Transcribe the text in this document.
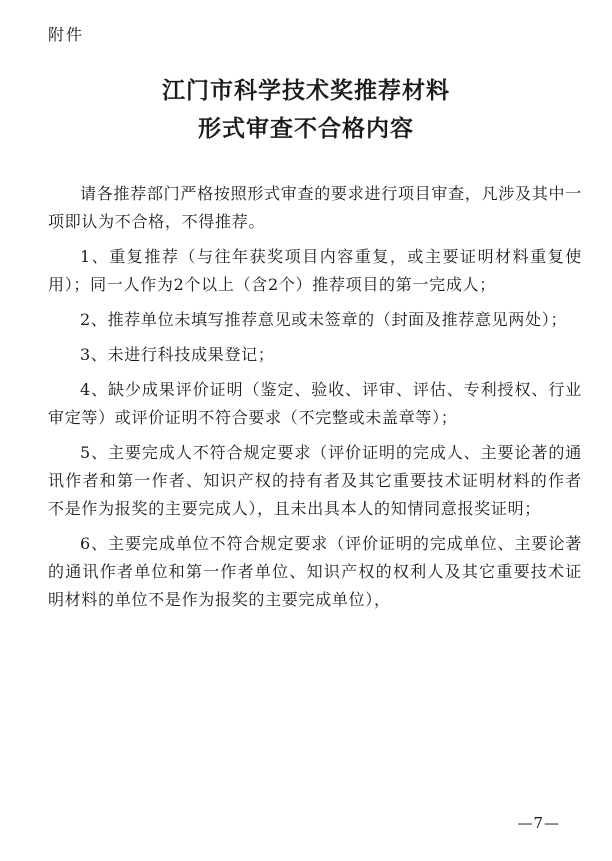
附件
江门市科学技术奖推荐材料
形式审查不合格内容

请各推荐部门严格按照形式审查的要求进行项目审查，凡涉及其中一项即认为不合格，不得推荐。

1、重复推荐（与往年获奖项目内容重复，或主要证明材料重复使用）；同一人作为2个以上（含2个）推荐项目的第一完成人；

2、推荐单位未填写推荐意见或未签章的（封面及推荐意见两处）；

3、未进行科技成果登记；

4、缺少成果评价证明（鉴定、验收、评审、评估、专利授权、行业审定等）或评价证明不符合要求（不完整或未盖章等）；

5、主要完成人不符合规定要求（评价证明的完成人、主要论著的通讯作者和第一作者、知识产权的持有者及其它重要技术证明材料的作者不是作为报奖的主要完成人），且未出具本人的知情同意报奖证明；

6、主要完成单位不符合规定要求（评价证明的完成单位、主要论著的通讯作者单位和第一作者单位、知识产权的权利人及其它重要技术证明材料的单位不是作为报奖的主要完成单位），

—7—
